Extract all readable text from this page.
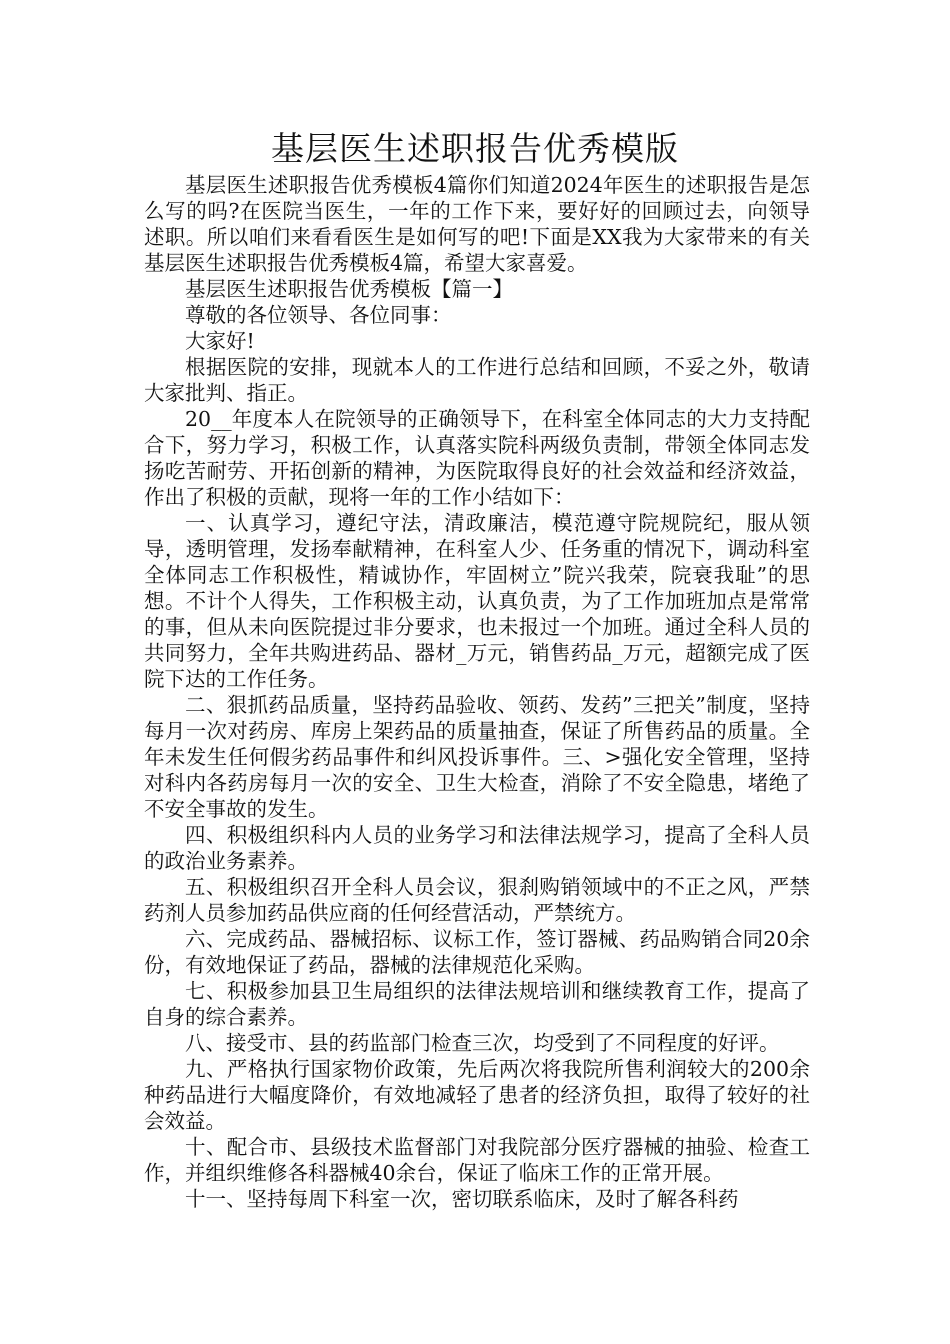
基层医生述职报告优秀模版

基层医生述职报告优秀模板4篇你们知道2024年医生的述职报告是怎么写的吗?在医院当医生，一年的工作下来，要好好的回顾过去，向领导述职。所以咱们来看看医生是如何写的吧!下面是XX我为大家带来的有关基层医生述职报告优秀模板4篇，希望大家喜爱。

基层医生述职报告优秀模板【篇一】

尊敬的各位领导、各位同事：

大家好!

根据医院的安排，现就本人的工作进行总结和回顾，不妥之外，敬请大家批判、指正。

20__年度本人在院领导的正确领导下，在科室全体同志的大力支持配合下，努力学习，积极工作，认真落实院科两级负责制，带领全体同志发扬吃苦耐劳、开拓创新的精神，为医院取得良好的社会效益和经济效益，作出了积极的贡献，现将一年的工作小结如下：

一、认真学习，遵纪守法，清政廉洁，模范遵守院规院纪，服从领导，透明管理，发扬奉献精神，在科室人少、任务重的情况下，调动科室全体同志工作积极性，精诚协作，牢固树立”院兴我荣，院衰我耻”的思想。不计个人得失，工作积极主动，认真负责，为了工作加班加点是常常的事，但从未向医院提过非分要求，也未报过一个加班。通过全科人员的共同努力，全年共购进药品、器材_万元，销售药品_万元，超额完成了医院下达的工作任务。

二、狠抓药品质量，坚持药品验收、领药、发药”三把关”制度，坚持每月一次对药房、库房上架药品的质量抽查，保证了所售药品的质量。全年未发生任何假劣药品事件和纠风投诉事件。三、>强化安全管理，坚持对科内各药房每月一次的安全、卫生大检查，消除了不安全隐患，堵绝了不安全事故的发生。

四、积极组织科内人员的业务学习和法律法规学习，提高了全科人员的政治业务素养。

五、积极组织召开全科人员会议，狠刹购销领域中的不正之风，严禁药剂人员参加药品供应商的任何经营活动，严禁统方。

六、完成药品、器械招标、议标工作，签订器械、药品购销合同20余份，有效地保证了药品，器械的法律规范化采购。

七、积极参加县卫生局组织的法律法规培训和继续教育工作，提高了自身的综合素养。

八、接受市、县的药监部门检查三次，均受到了不同程度的好评。

九、严格执行国家物价政策，先后两次将我院所售利润较大的200余种药品进行大幅度降价，有效地减轻了患者的经济负担，取得了较好的社会效益。

十、配合市、县级技术监督部门对我院部分医疗器械的抽验、检查工作，并组织维修各科器械40余台，保证了临床工作的正常开展。

十一、坚持每周下科室一次，密切联系临床，及时了解各科药
